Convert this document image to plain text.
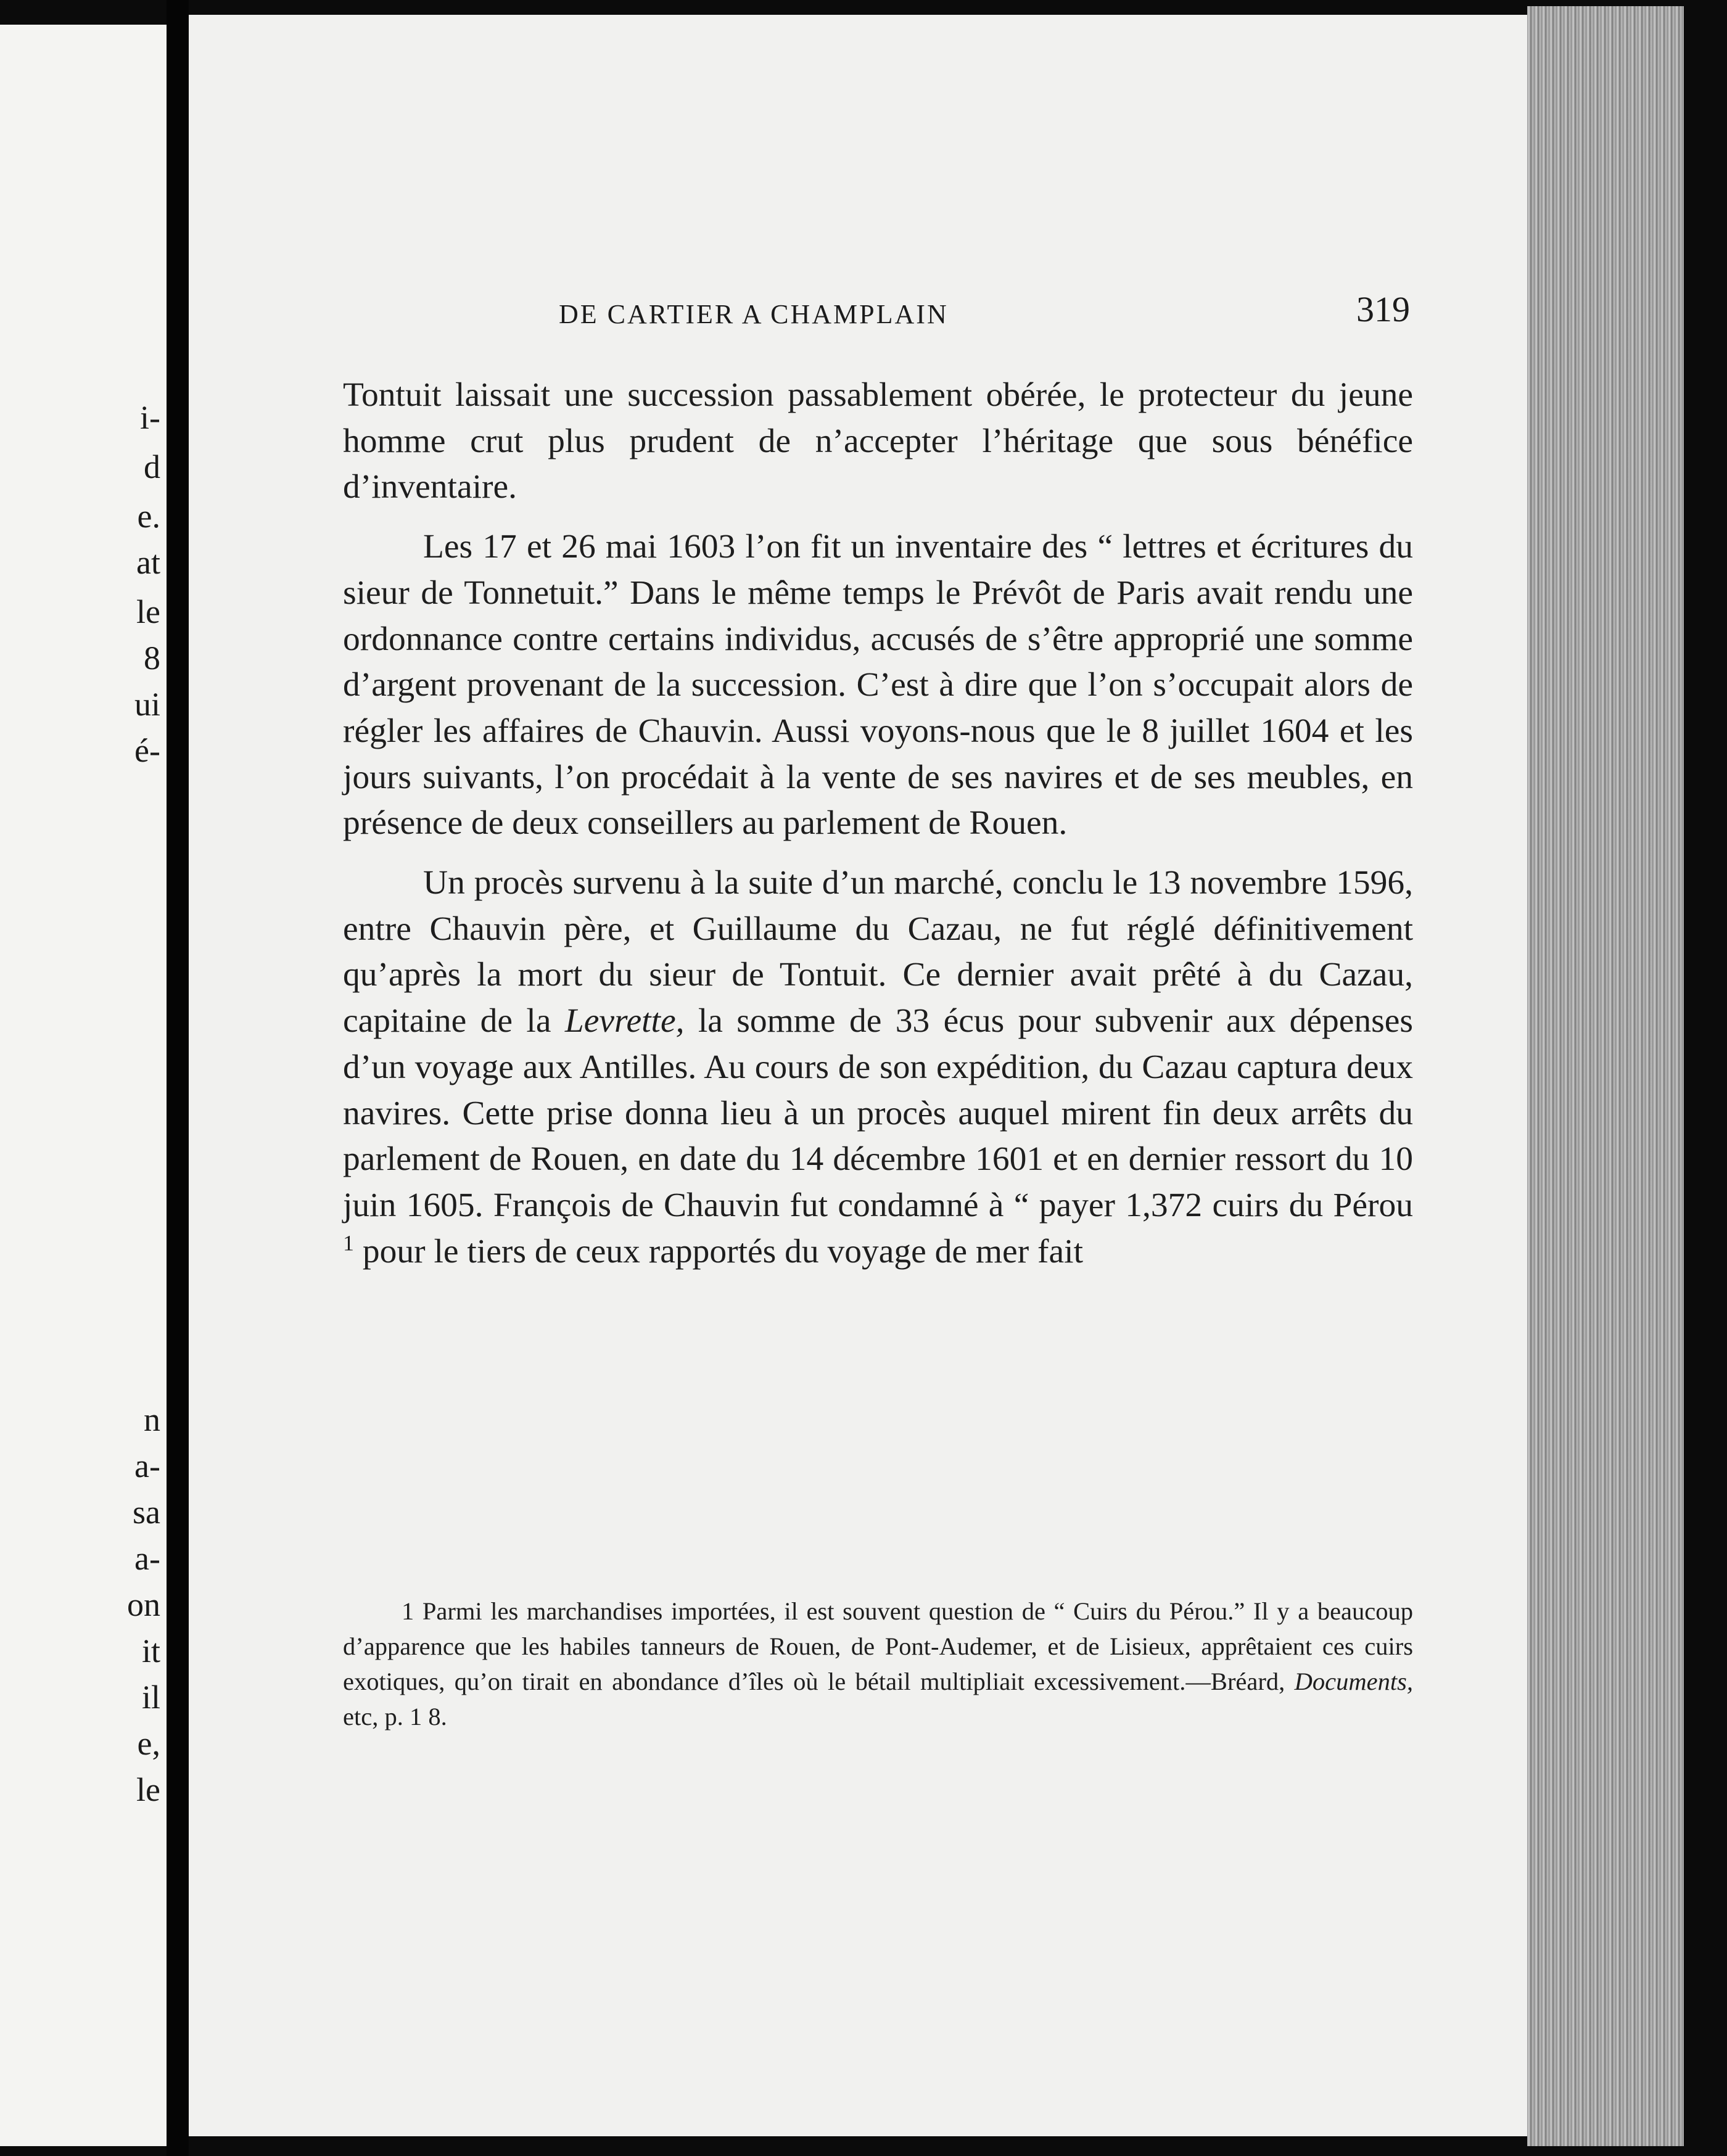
i-
d
e.
at
le
8
ui
é-
n
a-
sa
a-
on
it
il
e,
le
DE CARTIER A CHAMPLAIN	319

Tontuit laissait une succession passablement obérée, le protecteur du jeune homme crut plus prudent de n’accepter l’héritage que sous bénéfice d’inventaire.

Les 17 et 26 mai 1603 l’on fit un inventaire des “ lettres et écritures du sieur de Tonnetuit.” Dans le même temps le Prévôt de Paris avait rendu une ordonnance contre certains individus, accusés de s’être approprié une somme d’argent provenant de la succession. C’est à dire que l’on s’occupait alors de régler les affaires de Chauvin. Aussi voyons-nous que le 8 juillet 1604 et les jours suivants, l’on procédait à la vente de ses navires et de ses meubles, en présence de deux conseillers au parlement de Rouen.

Un procès survenu à la suite d’un marché, conclu le 13 novembre 1596, entre Chauvin père, et Guillaume du Cazau, ne fut réglé définitivement qu’après la mort du sieur de Tontuit. Ce dernier avait prêté à du Cazau, capitaine de la Levrette, la somme de 33 écus pour subvenir aux dépenses d’un voyage aux Antilles. Au cours de son expédition, du Cazau captura deux navires. Cette prise donna lieu à un procès auquel mirent fin deux arrêts du parlement de Rouen, en date du 14 décembre 1601 et en dernier ressort du 10 juin 1605. François de Chauvin fut condamné à “ payer 1,372 cuirs du Pérou $^1$ pour le tiers de ceux rapportés du voyage de mer fait

1 Parmi les marchandises importées, il est souvent question de “ Cuirs du Pérou.” Il y a beaucoup d’apparence que les habiles tanneurs de Rouen, de Pont-Audemer, et de Lisieux, apprêtaient ces cuirs exotiques, qu’on tirait en abondance d’îles où le bétail multipliait excessivement.—Bréard, Documents, etc, p. 1 8.
